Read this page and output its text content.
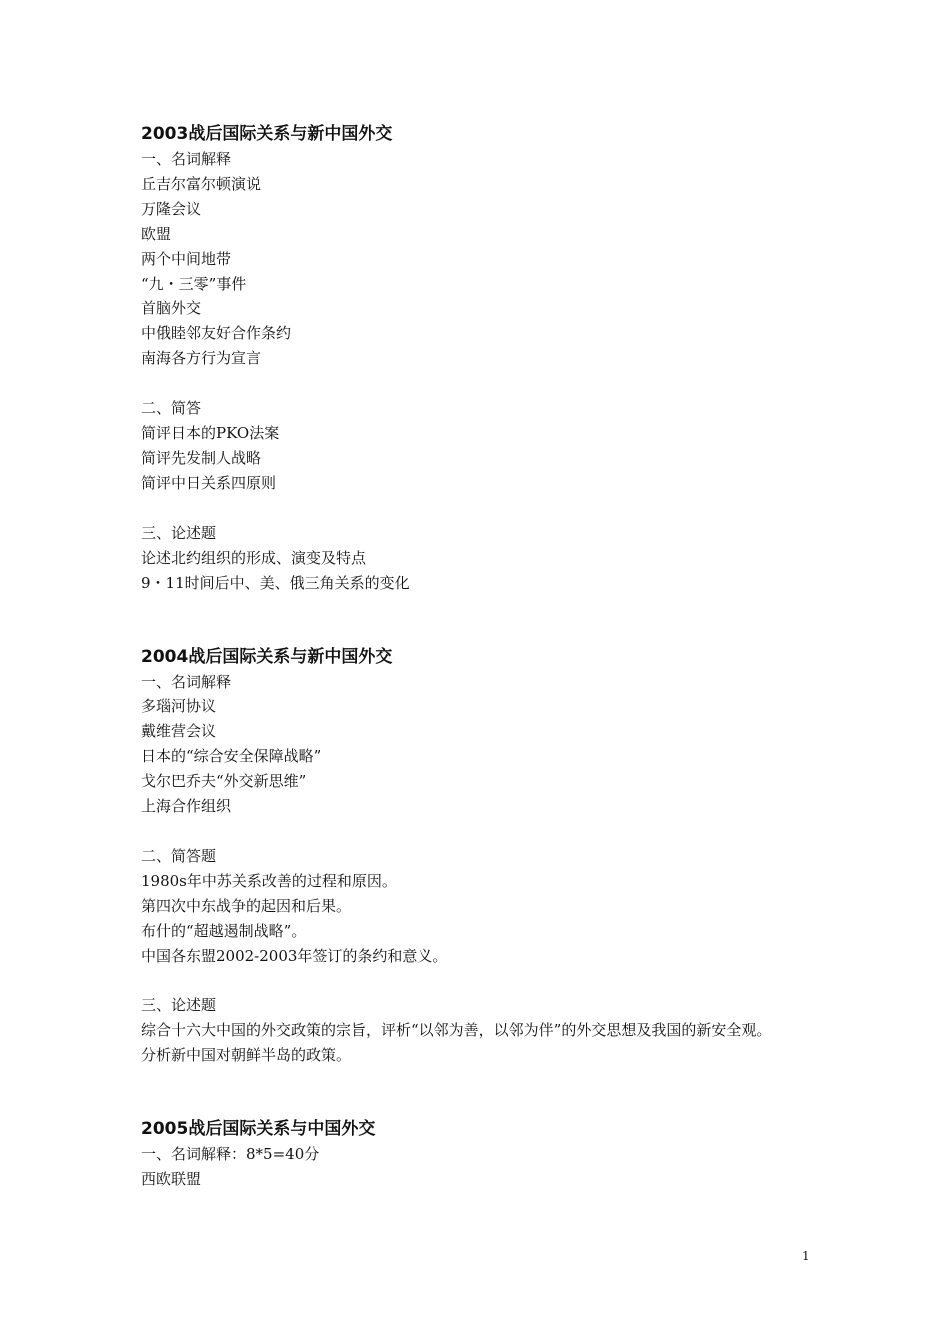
2003战后国际关系与新中国外交
一、名词解释
丘吉尔富尔顿演说
万隆会议
欧盟
两个中间地带
“九・三零”事件
首脑外交
中俄睦邻友好合作条约
南海各方行为宣言
二、简答
简评日本的PKO法案
简评先发制人战略
简评中日关系四原则
三、论述题
论述北约组织的形成、演变及特点
9・11时间后中、美、俄三角关系的变化
2004战后国际关系与新中国外交
一、名词解释
多瑙河协议
戴维营会议
日本的“综合安全保障战略”
戈尔巴乔夫“外交新思维”
上海合作组织
二、简答题
1980s年中苏关系改善的过程和原因。
第四次中东战争的起因和后果。
布什的“超越遏制战略”。
中国各东盟2002-2003年签订的条约和意义。
三、论述题
综合十六大中国的外交政策的宗旨，评析“以邻为善，以邻为伴”的外交思想及我国的新安全观。
分析新中国对朝鲜半岛的政策。
2005战后国际关系与中国外交
一、名词解释：8*5=40分
西欧联盟
1
